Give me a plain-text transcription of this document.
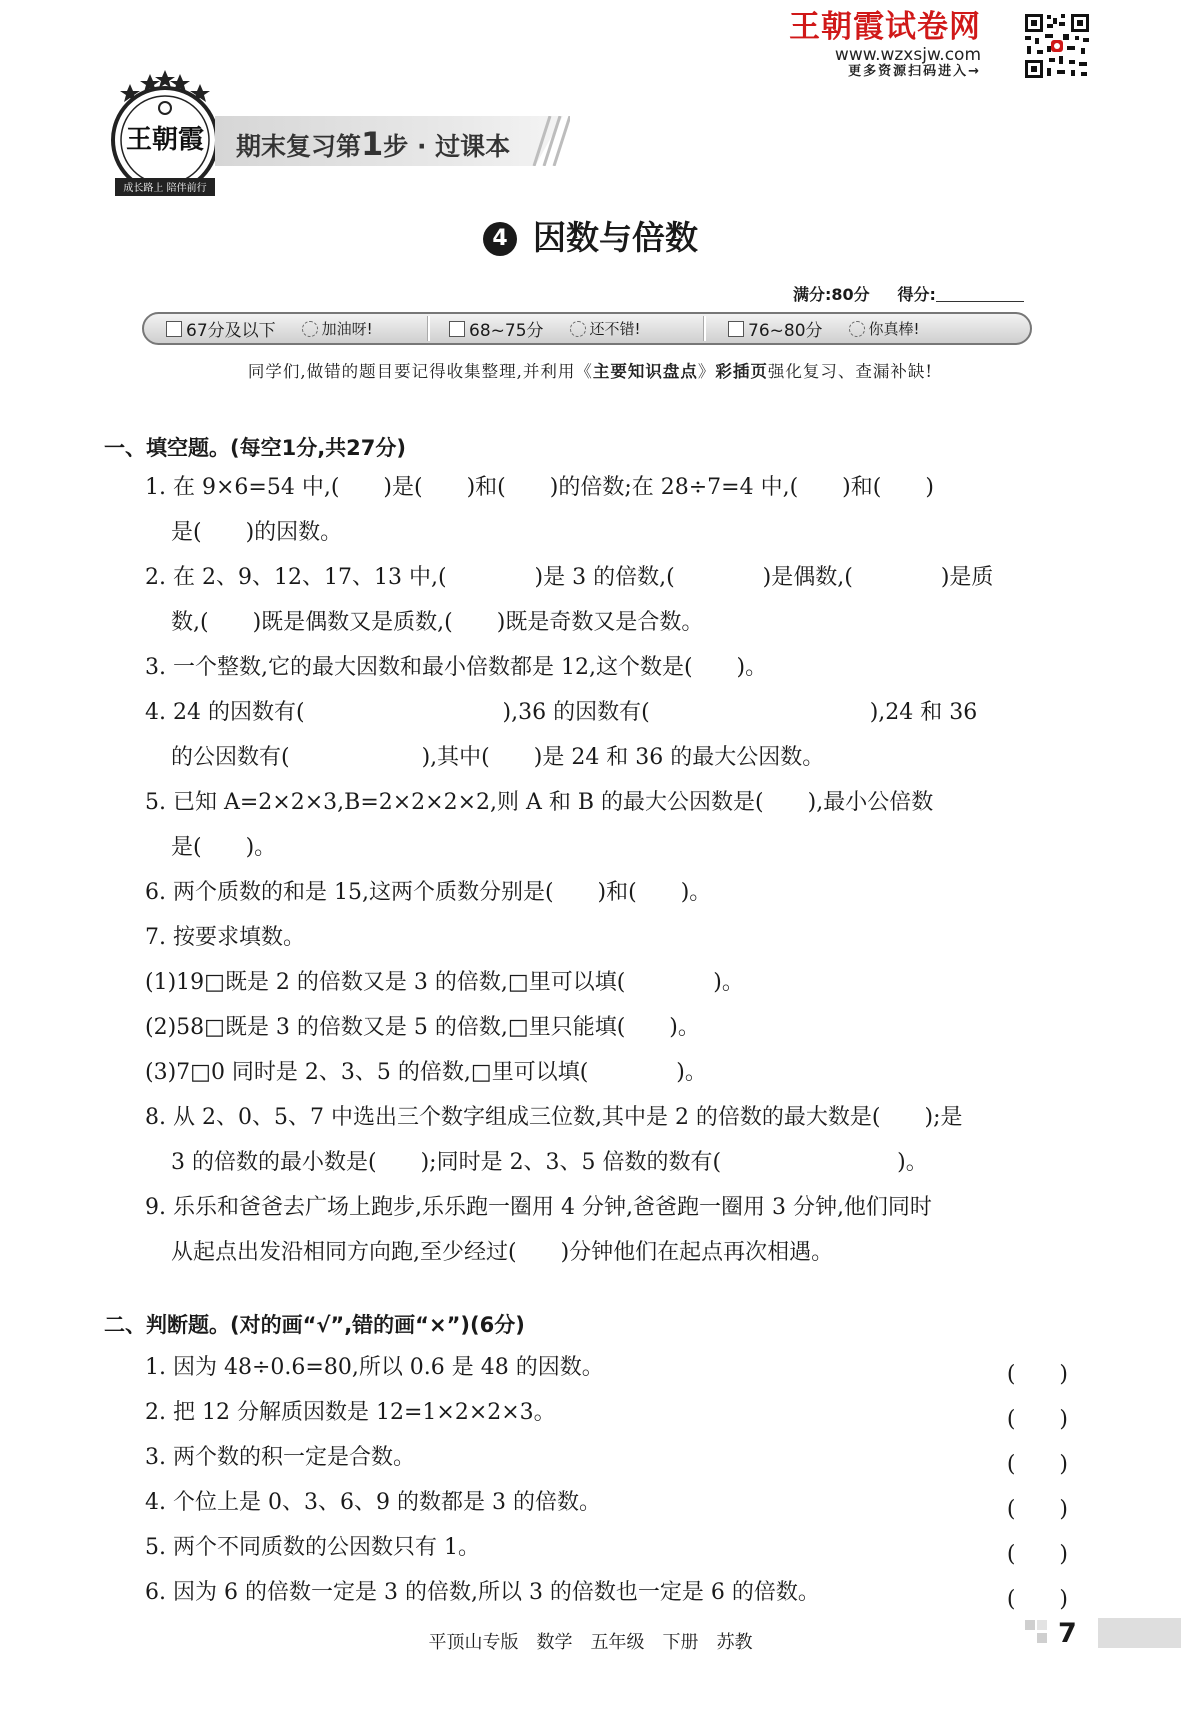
王朝霞试卷网
www.wzxsjw.com
更多资源扫码进入→
王朝霞
成长路上 陪伴前行
期末复习第1步 · 过课本
4 因数与倍数
满分:80分 得分:
67分及以下	加油呀!	68~75分	还不错!	76~80分	你真棒!
同学们,做错的题目要记得收集整理,并利用《主要知识盘点》彩插页强化复习、查漏补缺!
一、填空题。(每空1分,共27分)
1. 在 9×6=54 中,(　　)是(　　)和(　　)的倍数;在 28÷7=4 中,(　　)和(　　)
是(　　)的因数。
2. 在 2、9、12、17、13 中,(　　　　)是 3 的倍数,(　　　　)是偶数,(　　　　)是质
数,(　　)既是偶数又是质数,(　　)既是奇数又是合数。
3. 一个整数,它的最大因数和最小倍数都是 12,这个数是(　　)。
4. 24 的因数有(　　　　　　　　　),36 的因数有(　　　　　　　　　　),24 和 36
的公因数有(　　　　　　),其中(　　)是 24 和 36 的最大公因数。
5. 已知 A=2×2×3,B=2×2×2×2,则 A 和 B 的最大公因数是(　　),最小公倍数
是(　　)。
6. 两个质数的和是 15,这两个质数分别是(　　)和(　　)。
7. 按要求填数。
(1)19□既是 2 的倍数又是 3 的倍数,□里可以填(　　　　)。
(2)58□既是 3 的倍数又是 5 的倍数,□里只能填(　　)。
(3)7□0 同时是 2、3、5 的倍数,□里可以填(　　　　)。
8. 从 2、0、5、7 中选出三个数字组成三位数,其中是 2 的倍数的最大数是(　　);是
3 的倍数的最小数是(　　);同时是 2、3、5 倍数的数有(　　　　　　　　)。
9. 乐乐和爸爸去广场上跑步,乐乐跑一圈用 4 分钟,爸爸跑一圈用 3 分钟,他们同时
从起点出发沿相同方向跑,至少经过(　　)分钟他们在起点再次相遇。
二、判断题。(对的画“√”,错的画“×”)(6分)
1. 因为 48÷0.6=80,所以 0.6 是 48 的因数。	(　　)
2. 把 12 分解质因数是 12=1×2×2×3。	(　　)
3. 两个数的积一定是合数。	(　　)
4. 个位上是 0、3、6、9 的数都是 3 的倍数。	(　　)
5. 两个不同质数的公因数只有 1。	(　　)
6. 因为 6 的倍数一定是 3 的倍数,所以 3 的倍数也一定是 6 的倍数。	(　　)
平顶山专版　数学　五年级　下册　苏教	7
